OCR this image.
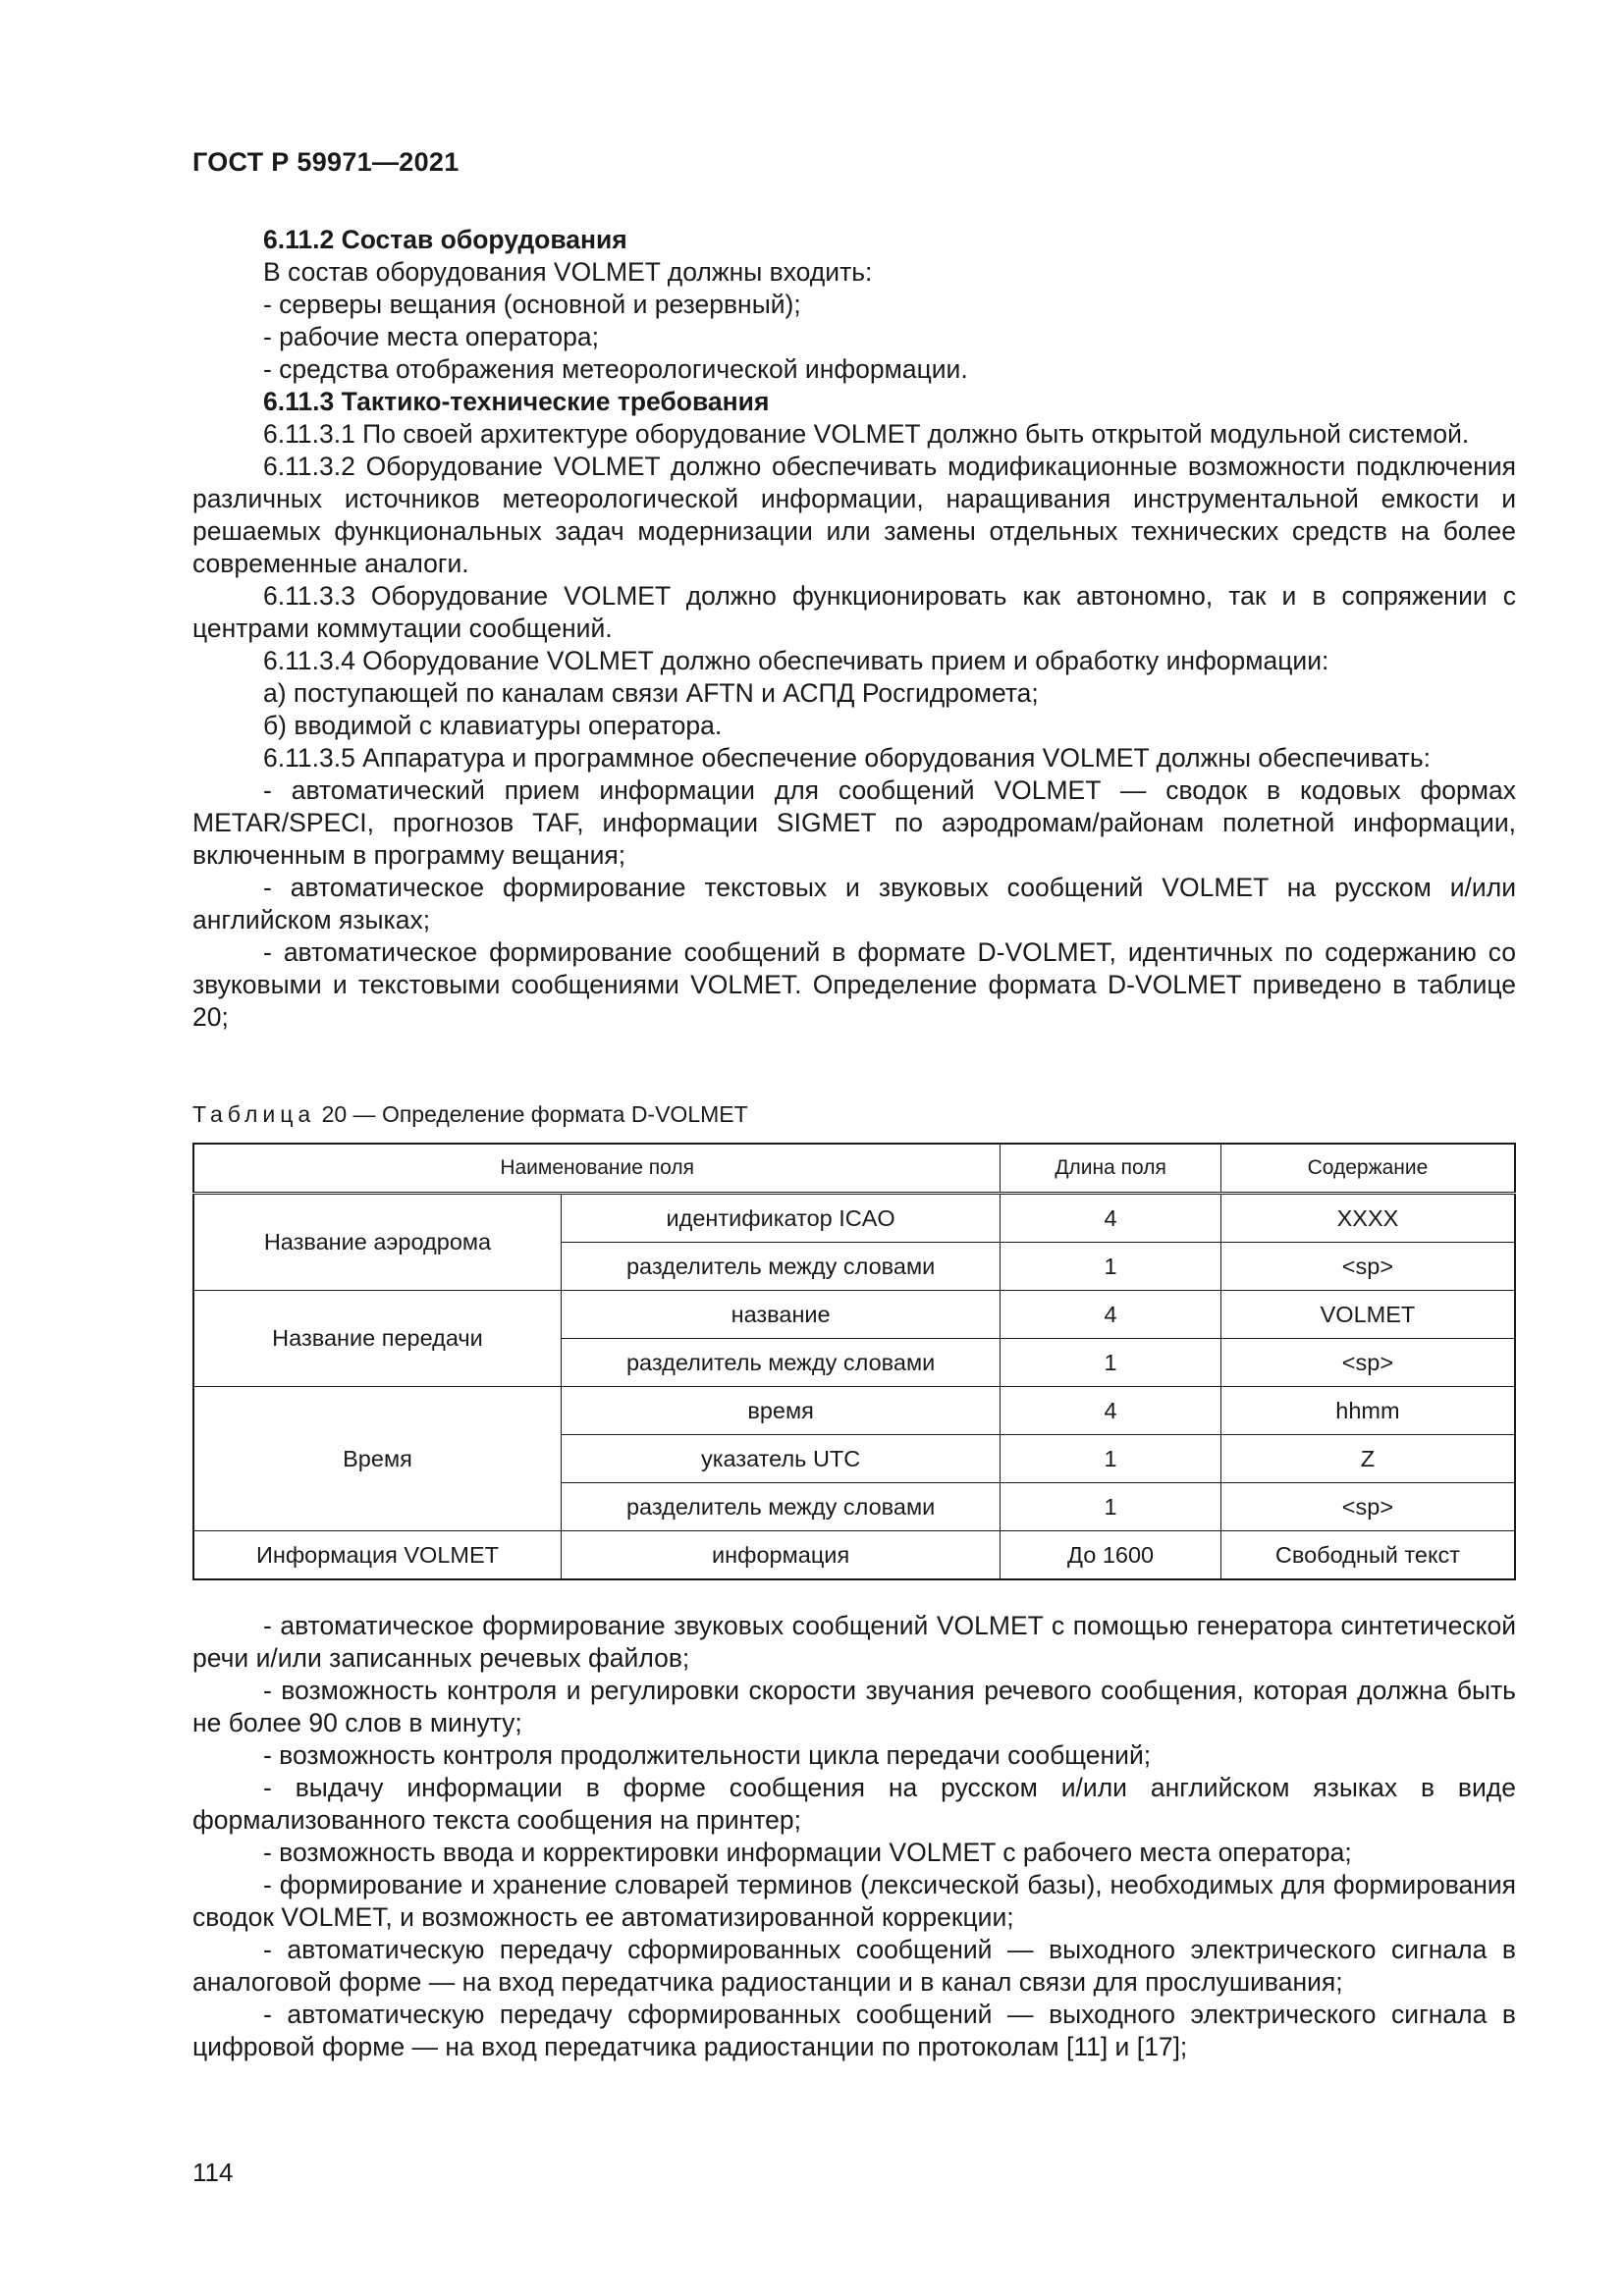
ГОСТ Р 59971—2021

6.11.2 Состав оборудования

В состав оборудования VOLMET должны входить:

- серверы вещания (основной и резервный);

- рабочие места оператора;

- средства отображения метеорологической информации.

6.11.3 Тактико-технические требования

6.11.3.1 По своей архитектуре оборудование VOLMET должно быть открытой модульной системой.

6.11.3.2 Оборудование VOLMET должно обеспечивать модификационные возможности подключения различных источников метеорологической информации, наращивания инструментальной емкости и решаемых функциональных задач модернизации или замены отдельных технических средств на более современные аналоги.

6.11.3.3 Оборудование VOLMET должно функционировать как автономно, так и в сопряжении с центрами коммутации сообщений.

6.11.3.4 Оборудование VOLMET должно обеспечивать прием и обработку информации:

а) поступающей по каналам связи AFTN и АСПД Росгидромета;

б) вводимой с клавиатуры оператора.

6.11.3.5 Аппаратура и программное обеспечение оборудования VOLMET должны обеспечивать:

- автоматический прием информации для сообщений VOLMET — сводок в кодовых формах METAR/SPECI, прогнозов TAF, информации SIGMET по аэродромам/районам полетной информации, включенным в программу вещания;

- автоматическое формирование текстовых и звуковых сообщений VOLMET на русском и/или английском языках;

- автоматическое формирование сообщений в формате D-VOLMET, идентичных по содержанию со звуковыми и текстовыми сообщениями VOLMET. Определение формата D-VOLMET приведено в таблице 20;

Таблица 20 — Определение формата D-VOLMET
Наименование поля		Длина поля	Содержание
Название аэродрома	идентификатор ICAO	4	XXXX
	разделитель между словами	1	<sp>
Название передачи	название	4	VOLMET
	разделитель между словами	1	<sp>
Время	время	4	hhmm
	указатель UTC	1	Z
	разделитель между словами	1	<sp>
Информация VOLMET	информация	До 1600	Свободный текст

- автоматическое формирование звуковых сообщений VOLMET с помощью генератора синтетической речи и/или записанных речевых файлов;

- возможность контроля и регулировки скорости звучания речевого сообщения, которая должна быть не более 90 слов в минуту;

- возможность контроля продолжительности цикла передачи сообщений;

- выдачу информации в форме сообщения на русском и/или английском языках в виде формализованного текста сообщения на принтер;

- возможность ввода и корректировки информации VOLMET с рабочего места оператора;

- формирование и хранение словарей терминов (лексической базы), необходимых для формирования сводок VOLMET, и возможность ее автоматизированной коррекции;

- автоматическую передачу сформированных сообщений — выходного электрического сигнала в аналоговой форме — на вход передатчика радиостанции и в канал связи для прослушивания;

- автоматическую передачу сформированных сообщений — выходного электрического сигнала в цифровой форме — на вход передатчика радиостанции по протоколам [11] и [17];

114
